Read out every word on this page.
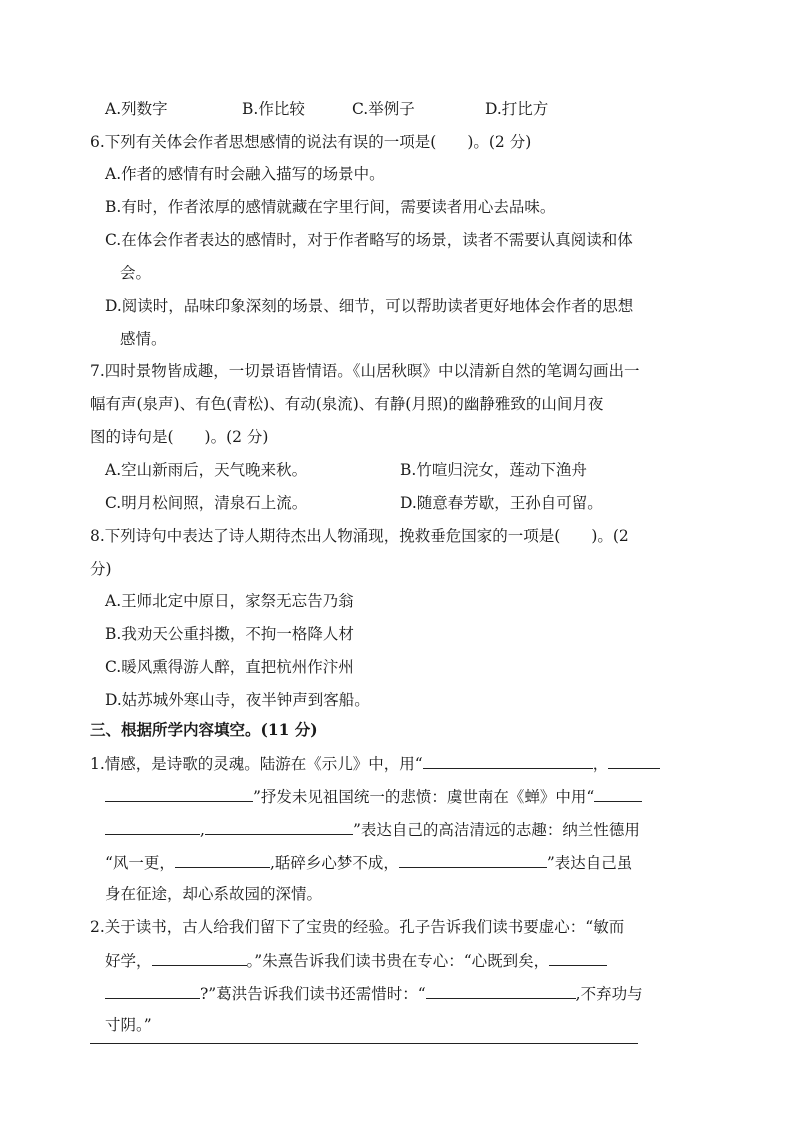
A.列数字	B.作比较	C.举例子	D.打比方
6.下列有关体会作者思想感情的说法有误的一项是(　　)。(2 分)
A.作者的感情有时会融入描写的场景中。
B.有时，作者浓厚的感情就藏在字里行间，需要读者用心去品味。
C.在体会作者表达的感情时，对于作者略写的场景，读者不需要认真阅读和体
会。
D.阅读时，品味印象深刻的场景、细节，可以帮助读者更好地体会作者的思想
感情。
7.四时景物皆成趣，一切景语皆情语。《山居秋暝》中以清新自然的笔调勾画出一
幅有声(泉声)、有色(青松)、有动(泉流)、有静(月照)的幽静雅致的山间月夜
图的诗句是(　　)。(2 分)
A.空山新雨后，天气晚来秋。	B.竹喧归浣女，莲动下渔舟
C.明月松间照，清泉石上流。	D.随意春芳歇，王孙自可留。
8.下列诗句中表达了诗人期待杰出人物涌现，挽救垂危国家的一项是(　　)。(2
分)
A.王师北定中原日，家祭无忘告乃翁
B.我劝天公重抖擞，不拘一格降人材
C.暖风熏得游人醉，直把杭州作汴州
D.姑苏城外寒山寺，夜半钟声到客船。
三、根据所学内容填空。(11 分)
1.情感，是诗歌的灵魂。陆游在《示儿》中，用“	，
”抒发未见祖国统一的悲愤：虞世南在《蝉》中用“
,	”表达自己的高洁清远的志趣：纳兰性德用
“风一更，	,聒碎乡心梦不成，	”表达自己虽
身在征途，却心系故园的深情。
2.关于读书，古人给我们留下了宝贵的经验。孔子告诉我们读书要虚心：“敏而
好学，	。”朱熹告诉我们读书贵在专心：“心既到矣，
?”葛洪告诉我们读书还需惜时：“	,不弃功与
寸阴。”
